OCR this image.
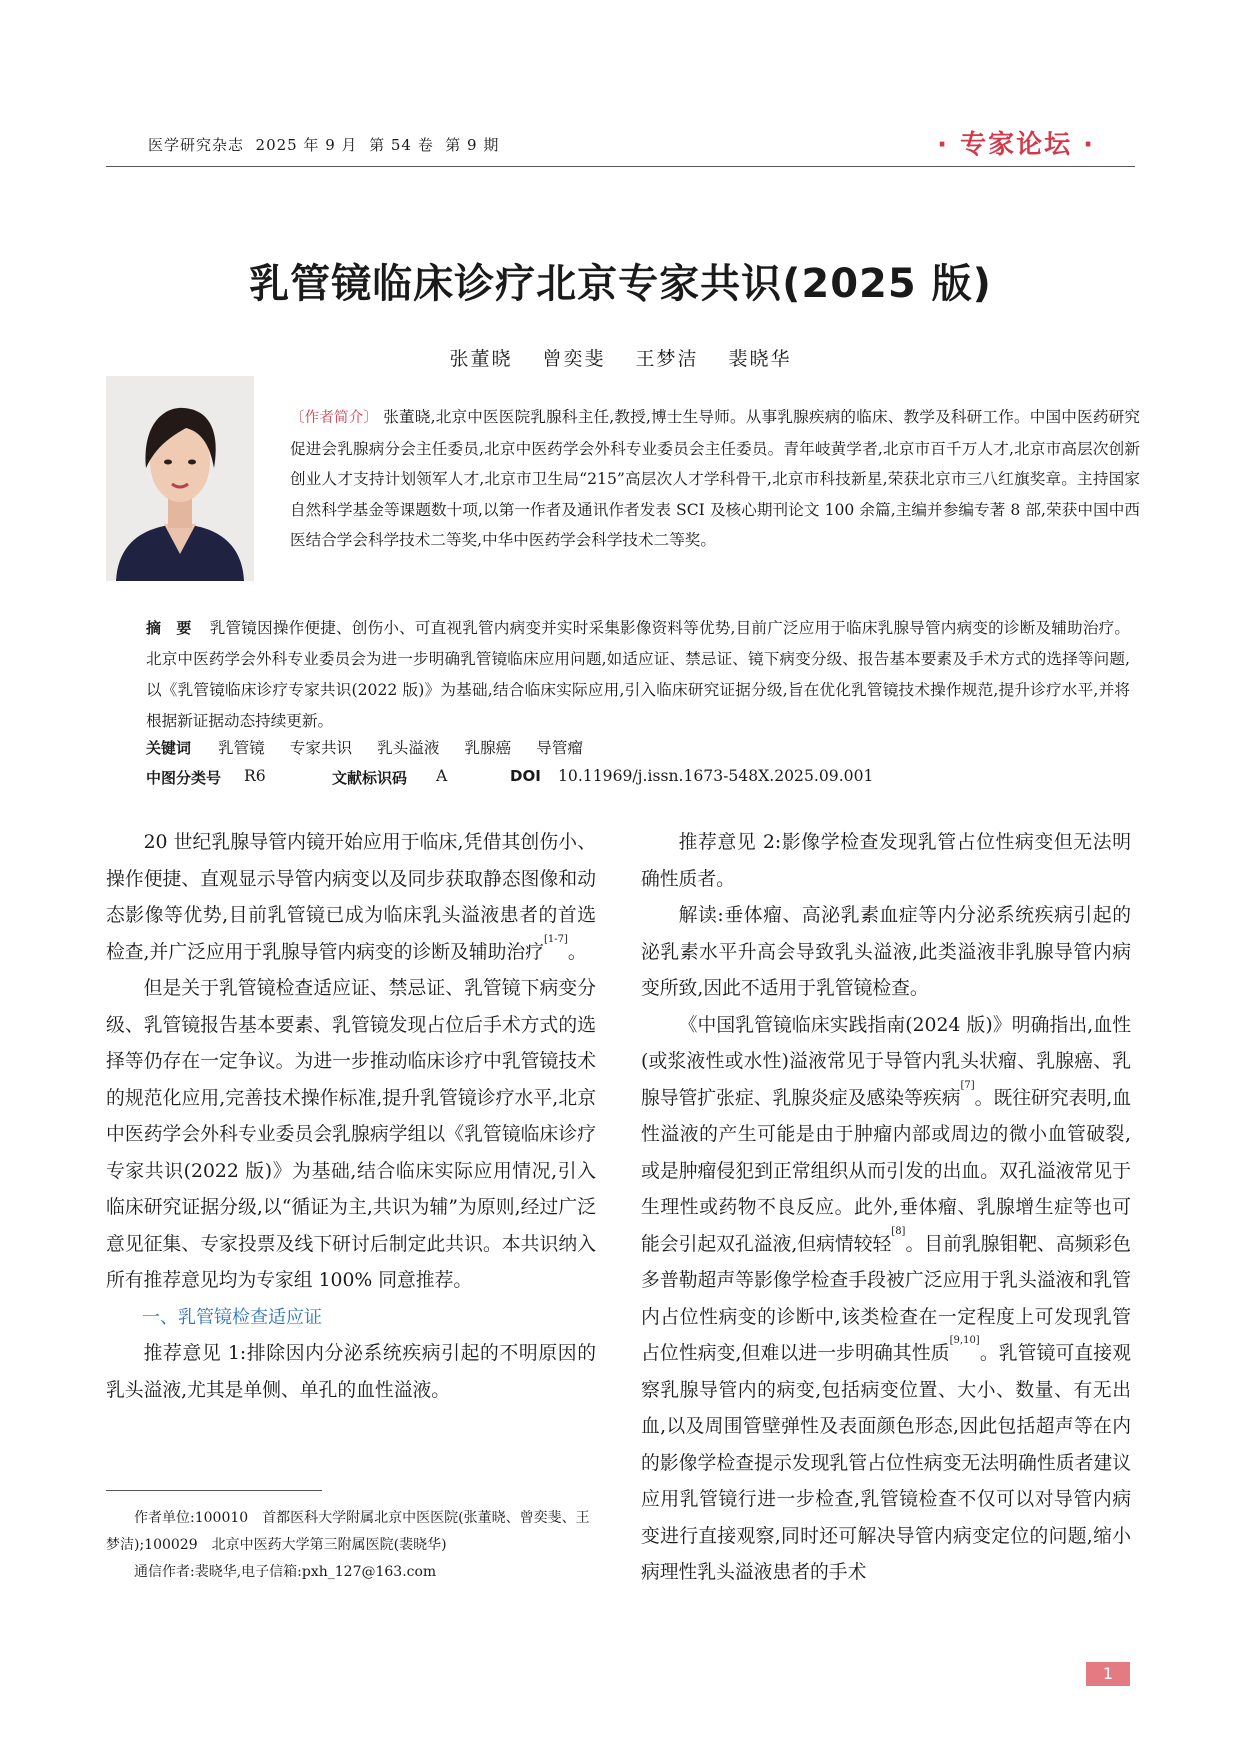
医学研究杂志  2025 年 9 月  第 54 卷  第 9 期	· 专家论坛 ·
乳管镜临床诊疗北京专家共识(2025 版)
张董晓 曾奕斐 王梦洁 裴晓华
〔作者简介〕 张董晓,北京中医医院乳腺科主任,教授,博士生导师。从事乳腺疾病的临床、教学及科研工作。中国中医药研究促进会乳腺病分会主任委员,北京中医药学会外科专业委员会主任委员。青年岐黄学者,北京市百千万人才,北京市高层次创新创业人才支持计划领军人才,北京市卫生局“215”高层次人才学科骨干,北京市科技新星,荣获北京市三八红旗奖章。主持国家自然科学基金等课题数十项,以第一作者及通讯作者发表 SCI 及核心期刊论文 100 余篇,主编并参编专著 8 部,荣获中国中西医结合学会科学技术二等奖,中华中医药学会科学技术二等奖。
摘　要 乳管镜因操作便捷、创伤小、可直视乳管内病变并实时采集影像资料等优势,目前广泛应用于临床乳腺导管内病变的诊断及辅助治疗。北京中医药学会外科专业委员会为进一步明确乳管镜临床应用问题,如适应证、禁忌证、镜下病变分级、报告基本要素及手术方式的选择等问题,以《乳管镜临床诊疗专家共识(2022 版)》为基础,结合临床实际应用,引入临床研究证据分级,旨在优化乳管镜技术操作规范,提升诊疗水平,并将根据新证据动态持续更新。
关键词 乳管镜 专家共识 乳头溢液 乳腺癌 导管瘤
中图分类号 R6	文献标识码 A	DOI 10.11969/j.issn.1673-548X.2025.09.001

20 世纪乳腺导管内镜开始应用于临床,凭借其创伤小、操作便捷、直观显示导管内病变以及同步获取静态图像和动态影像等优势,目前乳管镜已成为临床乳头溢液患者的首选检查,并广泛应用于乳腺导管内病变的诊断及辅助治疗[1-7]。

但是关于乳管镜检查适应证、禁忌证、乳管镜下病变分级、乳管镜报告基本要素、乳管镜发现占位后手术方式的选择等仍存在一定争议。为进一步推动临床诊疗中乳管镜技术的规范化应用,完善技术操作标准,提升乳管镜诊疗水平,北京中医药学会外科专业委员会乳腺病学组以《乳管镜临床诊疗专家共识(2022 版)》为基础,结合临床实际应用情况,引入临床研究证据分级,以“循证为主,共识为辅”为原则,经过广泛意见征集、专家投票及线下研讨后制定此共识。本共识纳入所有推荐意见均为专家组 100% 同意推荐。

一、乳管镜检查适应证

推荐意见 1:排除因内分泌系统疾病引起的不明原因的乳头溢液,尤其是单侧、单孔的血性溢液。

推荐意见 2:影像学检查发现乳管占位性病变但无法明确性质者。

解读:垂体瘤、高泌乳素血症等内分泌系统疾病引起的泌乳素水平升高会导致乳头溢液,此类溢液非乳腺导管内病变所致,因此不适用于乳管镜检查。

《中国乳管镜临床实践指南(2024 版)》明确指出,血性(或浆液性或水性)溢液常见于导管内乳头状瘤、乳腺癌、乳腺导管扩张症、乳腺炎症及感染等疾病[7]。既往研究表明,血性溢液的产生可能是由于肿瘤内部或周边的微小血管破裂,或是肿瘤侵犯到正常组织从而引发的出血。双孔溢液常见于生理性或药物不良反应。此外,垂体瘤、乳腺增生症等也可能会引起双孔溢液,但病情较轻[8]。目前乳腺钼靶、高频彩色多普勒超声等影像学检查手段被广泛应用于乳头溢液和乳管内占位性病变的诊断中,该类检查在一定程度上可发现乳管占位性病变,但难以进一步明确其性质[9,10]。乳管镜可直接观察乳腺导管内的病变,包括病变位置、大小、数量、有无出血,以及周围管壁弹性及表面颜色形态,因此包括超声等在内的影像学检查提示发现乳管占位性病变无法明确性质者建议应用乳管镜行进一步检查,乳管镜检查不仅可以对导管内病变进行直接观察,同时还可解决导管内病变定位的问题,缩小病理性乳头溢液患者的手术

作者单位:100010　首都医科大学附属北京中医医院(张董晓、曾奕斐、王梦洁);100029　北京中医药大学第三附属医院(裴晓华)

通信作者:裴晓华,电子信箱:pxh_127@163.com

1
